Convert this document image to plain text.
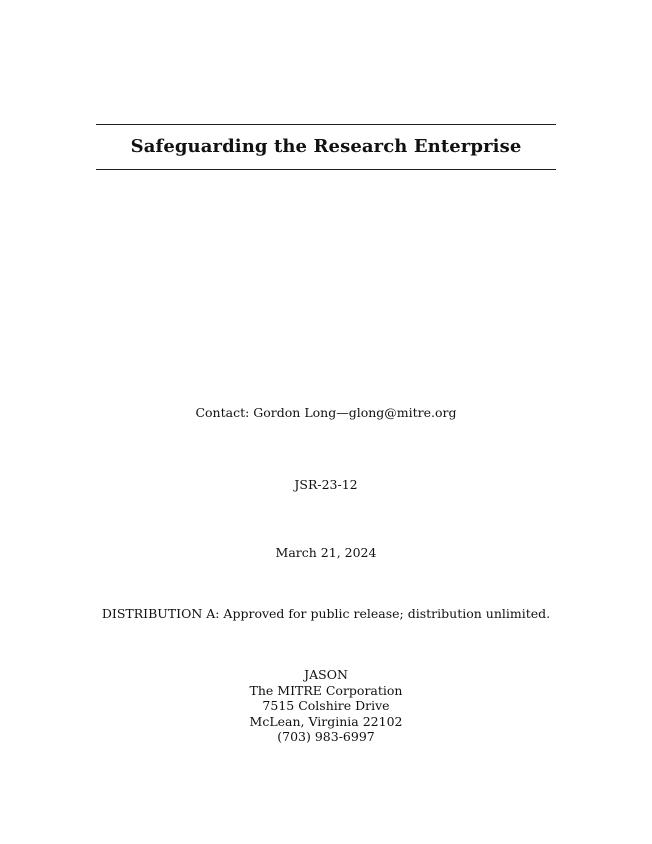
Safeguarding the Research Enterprise
Contact: Gordon Long—glong@mitre.org
JSR-23-12
March 21, 2024
DISTRIBUTION A: Approved for public release; distribution unlimited.
JASON
The MITRE Corporation
7515 Colshire Drive
McLean, Virginia 22102
(703) 983-6997
